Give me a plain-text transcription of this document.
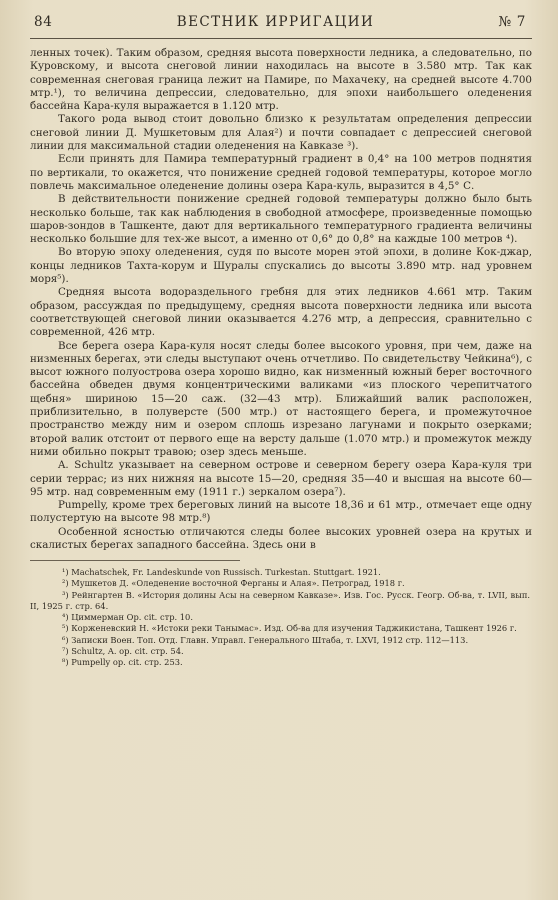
84	ВЕСТНИК ИРРИГАЦИИ	№ 7

ленных точек). Таким образом, средняя высота поверхности ледника, а следовательно, по Куровскому, и высота снеговой линии находилась на высоте в 3.580 мтр. Так как современная снеговая граница лежит на Памире, по Махачеку, на средней высоте 4.700 мтр.¹), то величина депрессии, следовательно, для эпохи наибольшего оледенения бассейна Кара-куля выражается в 1.120 мтр.

Такого рода вывод стоит довольно близко к результатам определения депрессии снеговой линии Д. Мушкетовым для Алая²) и почти совпадает с депрессией снеговой линии для максимальной стадии оледенения на Кавказе ³).

Если принять для Памира температурный градиент в 0,4° на 100 метров поднятия по вертикали, то окажется, что понижение средней годовой температуры, которое могло повлечь максимальное оледенение долины озера Кара-куль, выразится в 4,5° С.

В действительности понижение средней годовой температуры должно было быть несколько больше, так как наблюдения в свободной атмосфере, произведенные помощью шаров-зондов в Ташкенте, дают для вертикального температурного градиента величины несколько большие для тех-же высот, а именно от 0,6° до 0,8° на каждые 100 метров ⁴).

Во вторую эпоху оледенения, судя по высоте морен этой эпохи, в долине Кок-джар, концы ледников Тахта-корум и Шуралы спускались до высоты 3.890 мтр. над уровнем моря⁵).

Средняя высота водораздельного гребня для этих ледников 4.661 мтр. Таким образом, рассуждая по предыдущему, средняя высота поверхности ледника или высота соответствующей снеговой линии оказывается 4.276 мтр, а депрессия, сравнительно с современной, 426 мтр.

Все берега озера Кара-куля носят следы более высокого уровня, при чем, даже на низменных берегах, эти следы выступают очень отчетливо. По свидетельству Чейкина⁶), с высот южного полуострова озера хорошо видно, как низменный южный берег восточного бассейна обведен двумя концентрическими валиками «из плоского черепитчатого щебня» шириною 15—20 саж. (32—43 мтр). Ближайший валик расположен, приблизительно, в полуверсте (500 мтр.) от настоящего берега, и промежуточное пространство между ним и озером сплошь изрезано лагунами и покрыто озерками; второй валик отстоит от первого еще на версту дальше (1.070 мтр.) и промежуток между ними обильно покрыт травою; озер здесь меньше.

A. Schultz указывает на северном острове и северном берегу озера Кара-куля три серии террас; из них нижняя на высоте 15—20, средняя 35—40 и высшая на высоте 60—95 мтр. над современным ему (1911 г.) зеркалом озера⁷).

Pumpelly, кроме трех береговых линий на высоте 18,36 и 61 мтр., отмечает еще одну полустертую на высоте 98 мтр.⁸)

Особенной ясностью отличаются следы более высоких уровней озера на крутых и скалистых берегах западного бассейна. Здесь они в

¹) Machatschek, Fr. Landeskunde von Russisch. Turkestan. Stuttgart. 1921.

²) Мушкетов Д. «Оледенение восточной Ферганы и Алая». Петроград, 1918 г.

³) Рейнгартен В. «История долины Асы на северном Кавказе». Изв. Гос. Русск. Геогр. Об-ва, т. LVII, вып. II, 1925 г. стр. 64.

⁴) Циммерман Op. cit. стр. 10.

⁵) Корженевский Н. «Истоки реки Танымас». Изд. Об-ва для изучения Таджикистана, Ташкент 1926 г.

⁶) Записки Воен. Топ. Отд. Главн. Управл. Генерального Штаба, т. LXVI, 1912 стр. 112—113.

⁷) Schultz, A. op. cit. стр. 54.

⁸) Pumpelly op. cit. стр. 253.
